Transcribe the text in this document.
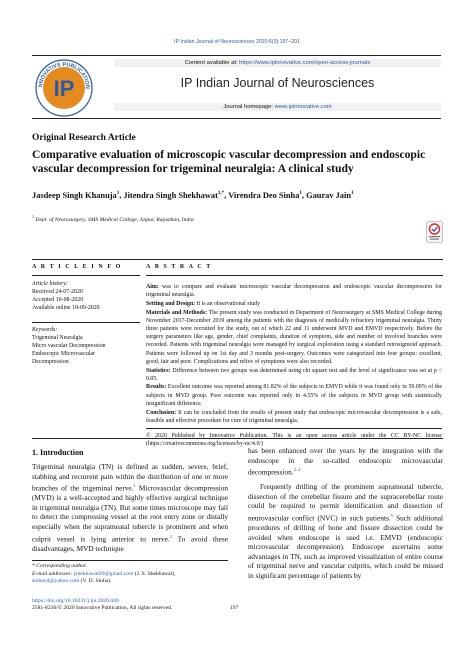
IP Indian Journal of Neurosciences 2020;6(3):197–201
IP
NNOVATIVE PUBLICATION
Content available at: https://www.ipinnovative.com/open-access-journals
IP Indian Journal of Neurosciences
Journal homepage: www.ipinnovative.com
Original Research Article
Comparative evaluation of microscopic vascular decompression and endoscopic vascular decompression for trigeminal neuralgia: A clinical study
Jasdeep Singh Khanuja$^1$, Jitendra Singh Shekhawat$^{1,*}$, Virendra Deo Sinha$^1$, Gaurav Jain$^1$
$^1$ Dept. of Neurosurgery, SMS Medical College, Jaipur, Rajasthan, India
A R T I C L E I N F O	A B S T R A C T
Article history:
Received 24-07-2020
Accepted 10-08-2020
Available online 18-09-2020
Keywords:
Trigeminal Neuralgia
Micro vascular Decompression
Endoscopic Microvascular
Decompression
Aim: was to compare and evaluate microscopic vascular decompression and endoscopic vascular decompression for trigeminal neuralgia.
Setting and Design: It is an observational study
Materials and Methods: The present study was conducted in Department of Neurosurgery at SMS Medical College during November 2017-December 2019 among the patients with the diagnosis of medically refractory trigeminal neuralgia. Thirty three patients were recruited for the study, out of which 22 and 11 underwent MVD and EMVD respectively. Before the surgery parameters like age, gender, chief complaints, duration of symptom, side and number of involved branches were recorded. Patients with trigeminal neuralgia were managed by surgical exploration using a standard retrosigmoid approach. Patients were followed up on 1st day and 3 months post-surgery. Outcomes were categorized into four groups: excellent, good, fair and poor. Complications and relive of symptoms were also recorded.
Statistics: Difference between two groups was determined using chi square test and the level of significance was set at p < 0.05.
Results: Excellent outcome was reported among 81.82% of the subjects in EMVD while it was found only in 59.09% of the subjects in MVD group. Poor outcome was reported only in 4.55% of the subjects in MVD group with statistically insignificant difference.
Conclusion: It can be concluded from the results of present study that endoscopic microvascular decompression is a safe, feasible and effective procedure for cure of trigeminal neuralgia.
© 2020 Published by Innovative Publication. This is an open access article under the CC BY-NC license (https://creativecommons.org/licenses/by-nc/4.0/)
1. Introduction
Trigeminal neuralgia (TN) is defined as sudden, severe, brief, stabbing and recurrent pain within the distribution of one or more branches of the trigeminal nerve.$^1$ Microvascular decompression (MVD) is a well-accepted and highly effective surgical technique in trigeminal neuralgia (TN). But some times microscope may fail to detect the compressing vessel at the root entry zone or distally especially when the suprameatal tubercle is prominent and when culprit vessel is lying anterior to nerve.$^2$ To avoid these disadvantages, MVD technique

has been enhanced over the years by the integration with the endoscope in the so-called endoscopic microvascular decompression.$^{2-4}$

Frequently drilling of the prominent suprameatal tubercle, dissection of the cerebellar fissure and the supracerebellar route could be required to permit identification and dissection of neurovascular conflict (NVC) in such patients.$^5$ Such additional procedures of drilling of bone and fissure dissection could be avoided when endoscope is used i.e. EMVD (endoscopic microvascular decompression). Endoscope ascertains some advantages in TN, such as improved visualization of entire course of trigeminal nerve and vascular culprits, which could be missed in significant percentage of patients by

* Corresponding author.
E-mail addresses: jshekhawat99@gmail.com (J. S. Shekhawat),
sinhavd@yahoo.com (V. D. Sinha).
https://doi.org/10.18231/j.ijn.2020.040
2581-8236/© 2020 Innovative Publication, All rights reserved.	197
